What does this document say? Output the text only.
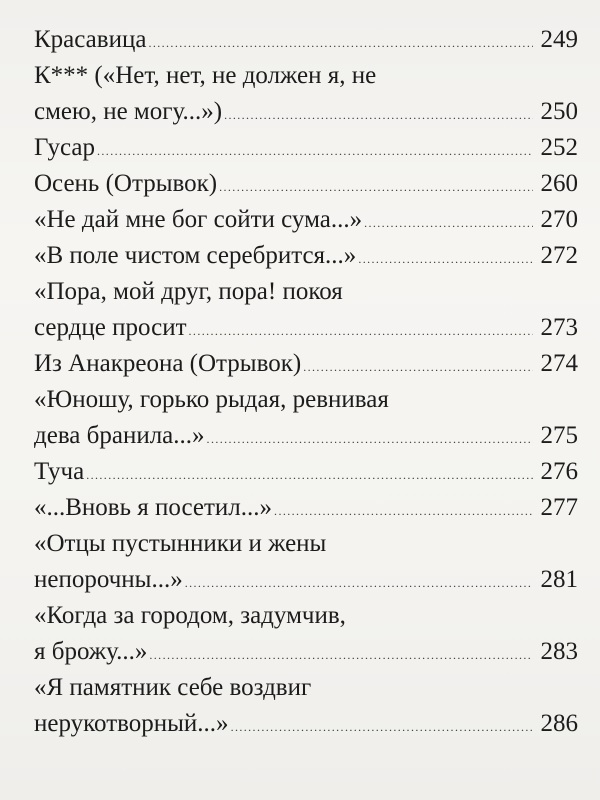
Красавица .....	249
К*** («Нет, нет, не должен я, не
смею, не могу...») .....	250
Гусар .....	252
Осень (Отрывок) .....	260
«Не дай мне бог сойти сума...» .....	270
«В поле чистом серебрится...» .....	272
«Пора, мой друг, пора! покоя
сердце просит .....	273
Из Анакреона (Отрывок) .....	274
«Юношу, горько рыдая, ревнивая
дева бранила...» .....	275
Туча .....	276
«...Вновь я посетил...» .....	277
«Отцы пустынники и жены
непорочны...» .....	281
«Когда за городом, задумчив,
я брожу...» .....	283
«Я памятник себе воздвиг
нерукотворный...» .....	286
